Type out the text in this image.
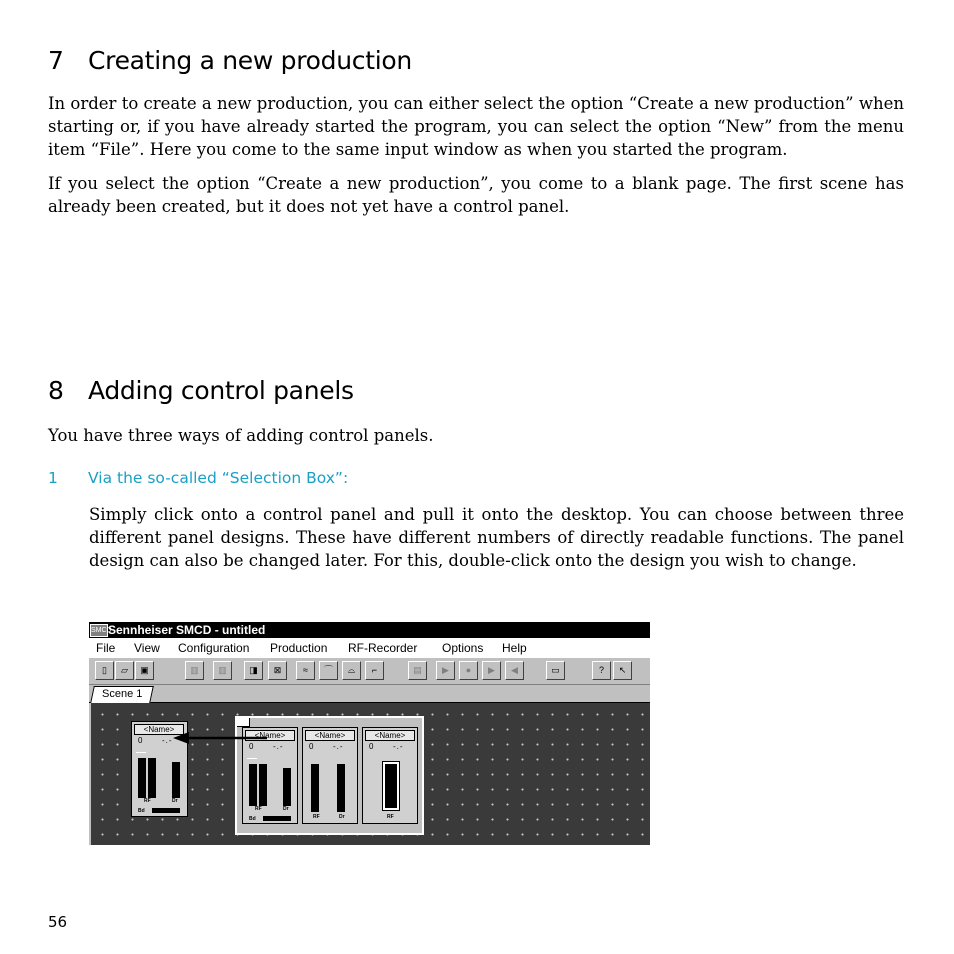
7 Creating a new production
In order to create a new production, you can either select the option “Create a new production” when starting or, if you have already started the program, you can select the option “New” from the menu item “File”. Here you come to the same input window as when you started the program.
If you select the option “Create a new production”, you come to a blank page. The first scene has already been created, but it does not yet have a control panel.
8 Adding control panels
You have three ways of adding control panels.
1 Via the so-called “Selection Box”:
Simply click onto a control panel and pull it onto the desktop. You can choose between three different panel designs. These have different numbers of directly readable functions. The panel design can also be changed later. For this, double-click onto the design you wish to change.
SMCD
Sennheiser SMCD - untitled
File View Configuration Production RF-Recorder Options Help
▯	▱	▣	▥	▥	◨	⊠	≈	⌒	⌓	⌐	▤	▶	●	▶	◀	▭	?	↖
Scene 1
<Name>
0 -.-
RF	Dr
Bd
<Name>
0 -.-
RF	Dr
Bd
<Name>
0 -.-
RF	Dr
<Name>
0 -.-
RF
56
